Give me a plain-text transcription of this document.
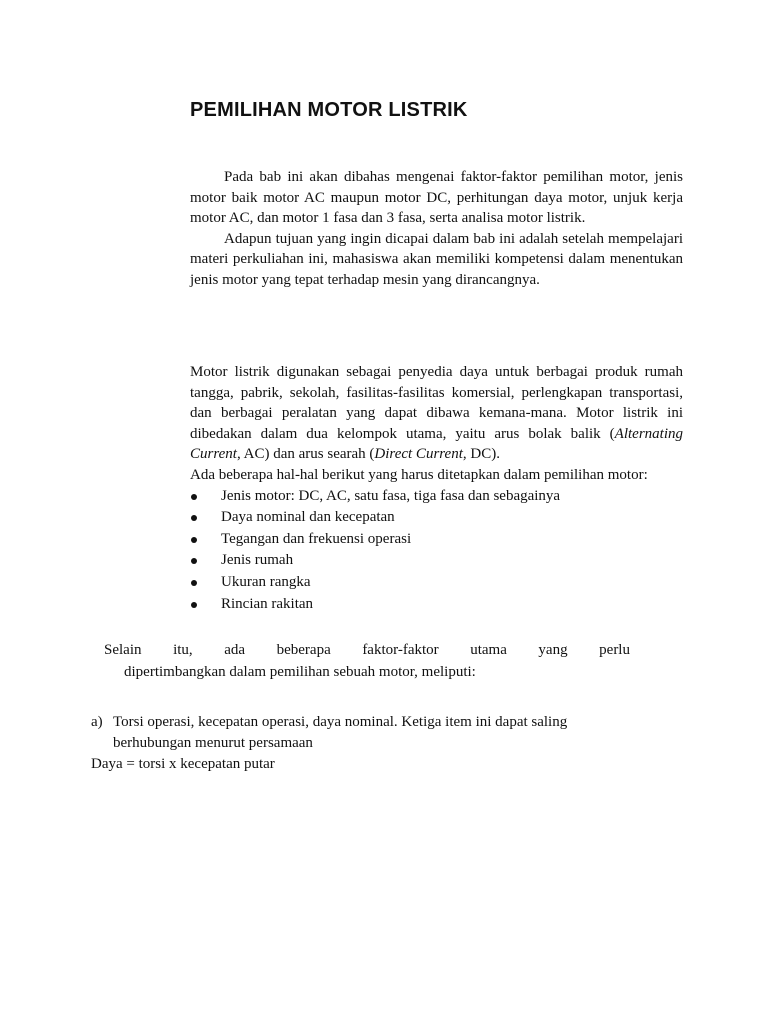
PEMILIHAN MOTOR LISTRIK

Pada bab ini akan dibahas mengenai faktor-faktor pemilihan motor, jenis motor baik motor AC maupun motor DC, perhitungan daya motor, unjuk kerja motor AC, dan motor 1 fasa dan 3 fasa, serta analisa motor listrik.

Adapun tujuan yang ingin dicapai dalam bab ini adalah setelah mempelajari materi perkuliahan ini, mahasiswa akan memiliki kompetensi dalam menentukan jenis motor yang tepat terhadap mesin yang dirancangnya.

Motor listrik digunakan sebagai penyedia daya untuk berbagai produk rumah tangga, pabrik, sekolah, fasilitas-fasilitas komersial, perlengkapan transportasi, dan berbagai peralatan yang dapat dibawa kemana-mana. Motor listrik ini dibedakan dalam dua kelompok utama, yaitu arus bolak balik (Alternating Current, AC) dan arus searah (Direct Current, DC).

Ada beberapa hal-hal berikut yang harus ditetapkan dalam pemilihan motor:

Jenis motor: DC, AC, satu fasa, tiga fasa dan sebagainya
Daya nominal dan kecepatan
Tegangan dan frekuensi operasi
Jenis rumah
Ukuran rangka
Rincian rakitan
Selain itu, ada beberapa faktor-faktor utama yang perlu
dipertimbangkan dalam pemilihan sebuah motor, meliputi:
a) Torsi operasi, kecepatan operasi, daya nominal. Ketiga item ini dapat saling
berhubungan menurut persamaan
Daya = torsi x kecepatan putar
